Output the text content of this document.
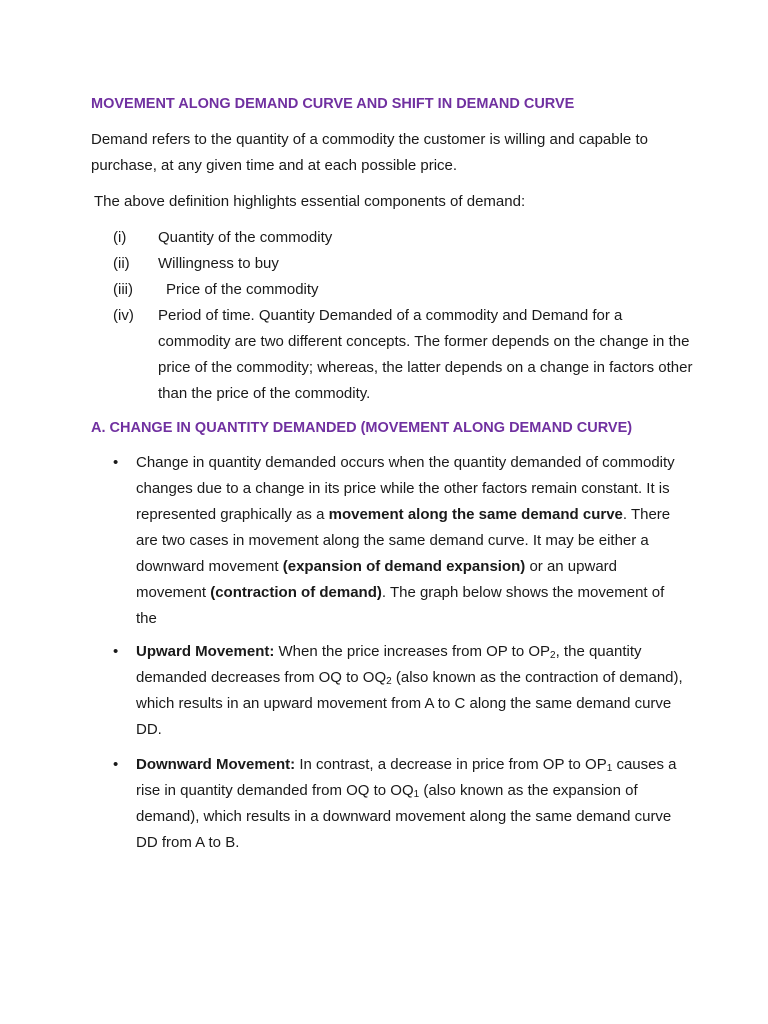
MOVEMENT ALONG DEMAND CURVE AND SHIFT IN DEMAND CURVE

Demand refers to the quantity of a commodity the customer is willing and capable to purchase, at any given time and at each possible price.

The above definition highlights essential components of demand:

(i)	Quantity of the commodity
(ii)	Willingness to buy
(iii)	Price of the commodity
(iv)	Period of time. Quantity Demanded of a commodity and Demand for a commodity are two different concepts. The former depends on the change in the price of the commodity; whereas, the latter depends on a change in factors other than the price of the commodity.
A. CHANGE IN QUANTITY DEMANDED (MOVEMENT ALONG DEMAND CURVE)
• Change in quantity demanded occurs when the quantity demanded of commodity changes due to a change in its price while the other factors remain constant. It is represented graphically as a movement along the same demand curve. There are two cases in movement along the same demand curve. It may be either a downward movement (expansion of demand expansion) or an upward movement (contraction of demand). The graph below shows the movement of the
• Upward Movement: When the price increases from OP to $OP_2$, the quantity demanded decreases from OQ to $OQ_2$ (also known as the contraction of demand), which results in an upward movement from A to C along the same demand curve DD.
• Downward Movement: In contrast, a decrease in price from OP to $OP_1$ causes a rise in quantity demanded from OQ to $OQ_1$ (also known as the expansion of demand), which results in a downward movement along the same demand curve DD from A to B.
